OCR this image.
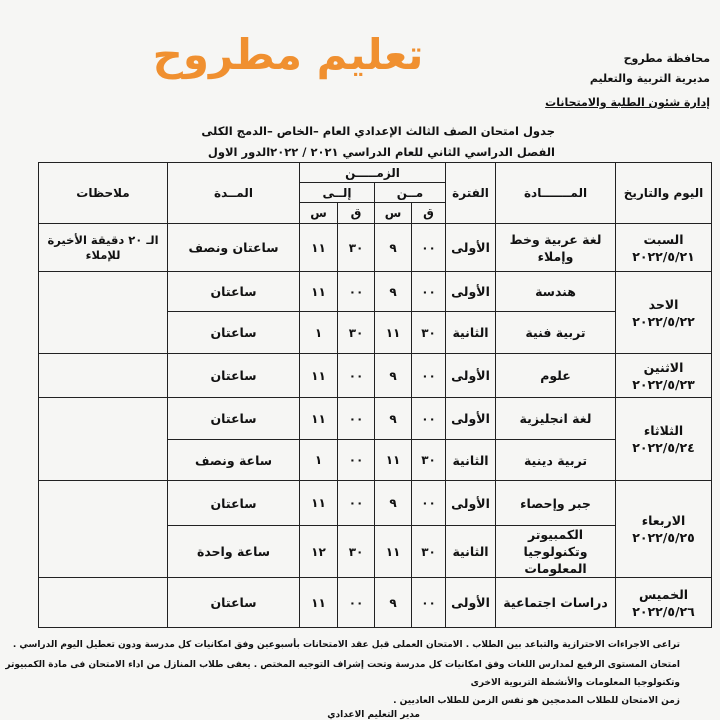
تعليم مطروح	محافظة مطروح
مديرية التربية والتعليم
إدارة شئون الطلبة والامتحانات
جدول امتحان الصف الثالث الإعدادي العام –الخاص –الدمج الكلى
الفصل الدراسي الثاني للعام الدراسي ٢٠٢١ / ٢٠٢٢الدور الاول
اليوم والتاريخ	المـــــــادة	الفترة	الزمـــــن				المــدة	ملاحظات
			مــن		إلــى			
			ق	س	ق	س		

السبت
٢٠٢٢/٥/٢١	لغة عربية وخط وإملاء	الأولى	٠٠	٩	٣٠	١١	ساعتان ونصف	الـ ٢٠ دقيقة الأخيرة للإملاء

الاحد
٢٠٢٢/٥/٢٢	هندسة	الأولى	٠٠	٩	٠٠	١١	ساعتان	
	تربية فنية	الثانية	٣٠	١١	٣٠	١	ساعتان	

الاثنين
٢٠٢٢/٥/٢٣	علوم	الأولى	٠٠	٩	٠٠	١١	ساعتان	

الثلاثاء
٢٠٢٢/٥/٢٤	لغة انجليزية	الأولى	٠٠	٩	٠٠	١١	ساعتان	
	تربية دينية	الثانية	٣٠	١١	٠٠	١	ساعة ونصف	

الاربعاء
٢٠٢٢/٥/٢٥	جبر وإحصاء	الأولى	٠٠	٩	٠٠	١١	ساعتان	
	الكمبيوتر وتكنولوجيا المعلومات	الثانية	٣٠	١١	٣٠	١٢	ساعة واحدة	

الخميس
٢٠٢٢/٥/٢٦	دراسات اجتماعية	الأولى	٠٠	٩	٠٠	١١	ساعتان	
تراعى الاجراءات الاحترازية والتباعد بين الطلاب . الامتحان العملى قبل عقد الامتحانات بأسبوعين وفق امكانيات كل مدرسة ودون تعطيل اليوم الدراسي .
امتحان المستوى الرفيع لمدارس اللغات وفق امكانيات كل مدرسة وتحت إشراف التوجيه المختص . يعفى طلاب المنازل من اداء الامتحان فى مادة الكمبيوتر
وتكنولوجيا المعلومات والأنشطة التربوية الاخرى
زمن الامتحان للطلاب المدمجين هو نفس الزمن للطلاب العاديين .
مدير التعليم الاعدادي
